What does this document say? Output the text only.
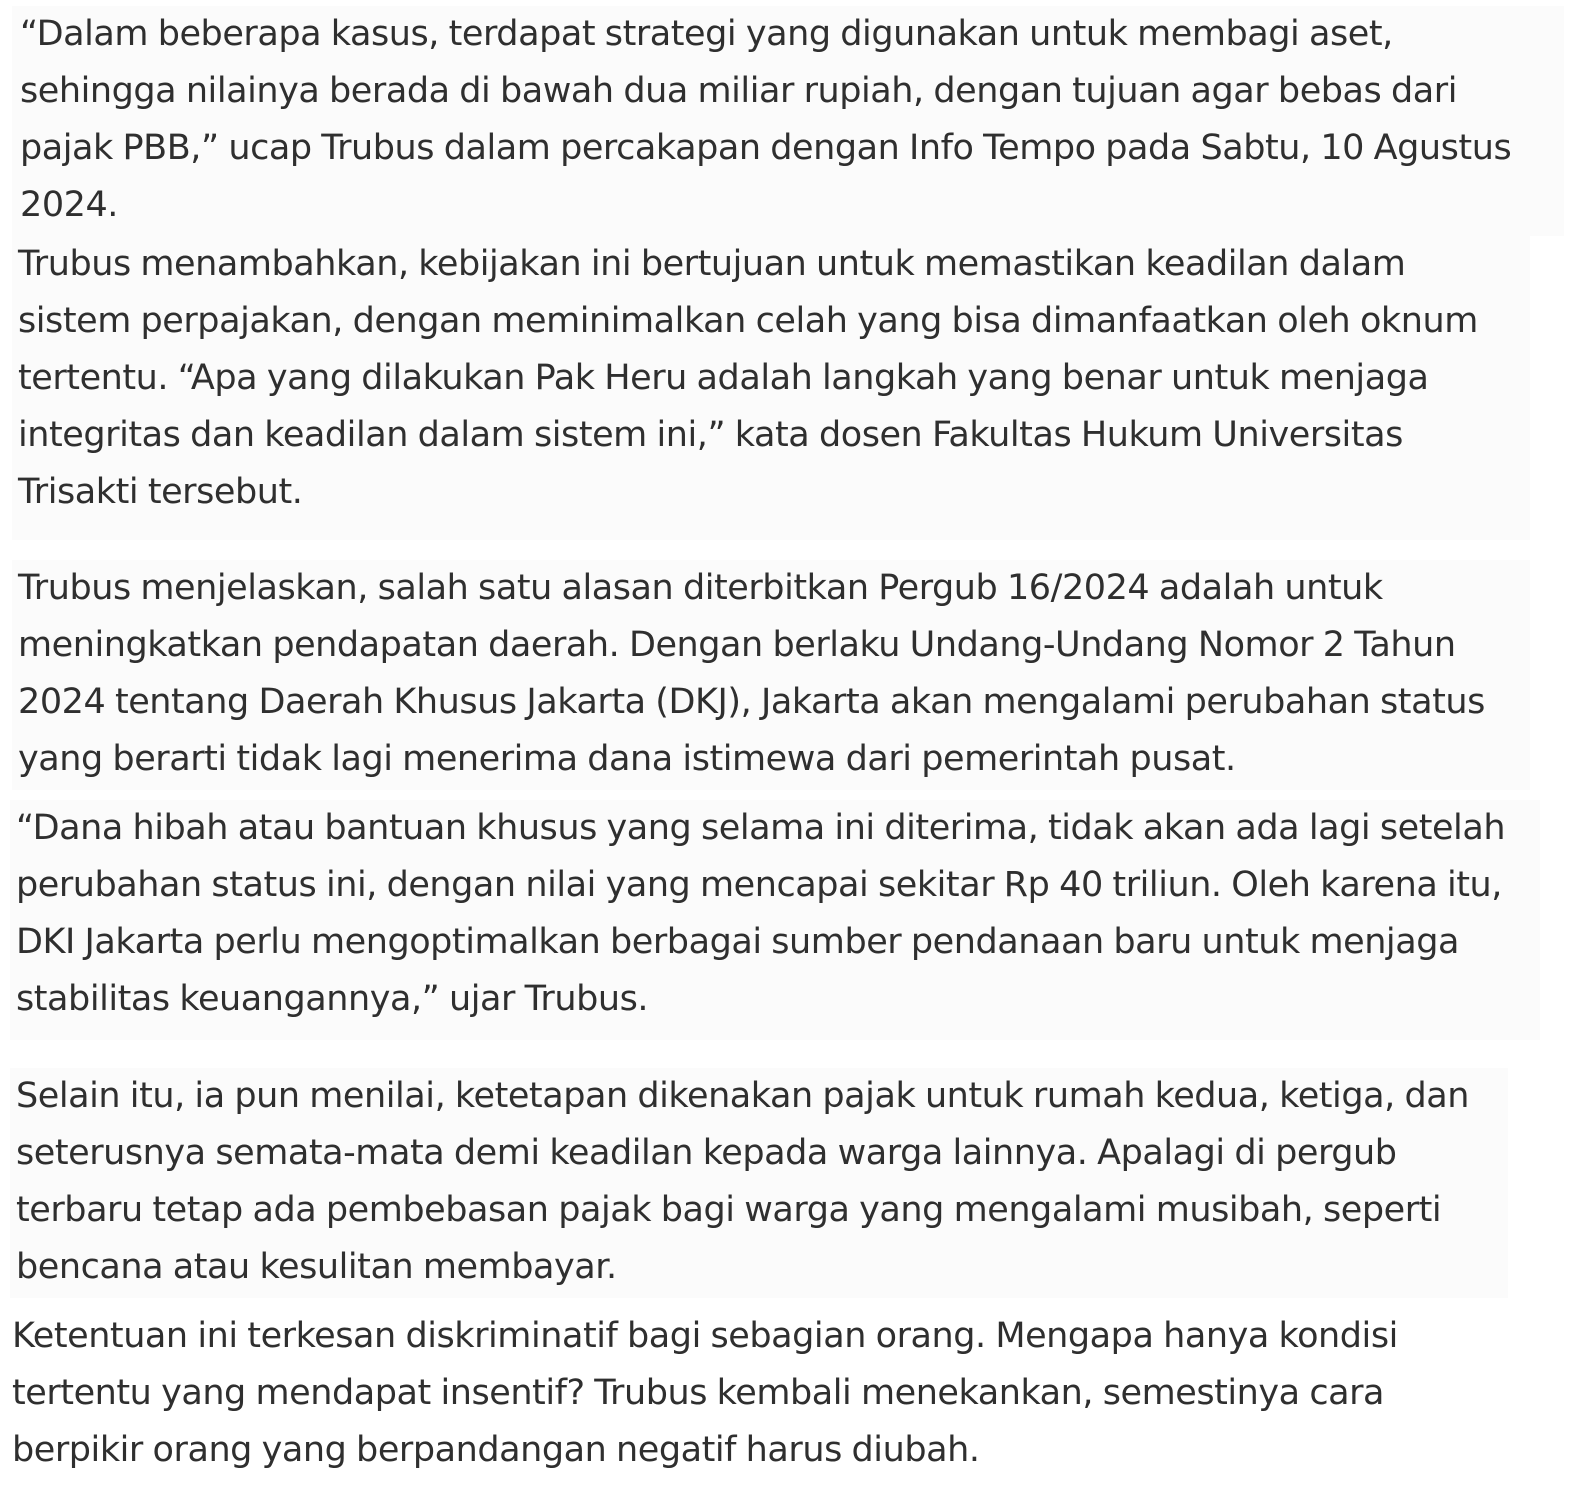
“Dalam beberapa kasus, terdapat strategi yang digunakan untuk membagi aset,
sehingga nilainya berada di bawah dua miliar rupiah, dengan tujuan agar bebas dari
pajak PBB,” ucap Trubus dalam percakapan dengan Info Tempo pada Sabtu, 10 Agustus
2024.

Trubus menambahkan, kebijakan ini bertujuan untuk memastikan keadilan dalam
sistem perpajakan, dengan meminimalkan celah yang bisa dimanfaatkan oleh oknum
tertentu. “Apa yang dilakukan Pak Heru adalah langkah yang benar untuk menjaga
integritas dan keadilan dalam sistem ini,” kata dosen Fakultas Hukum Universitas
Trisakti tersebut.

Trubus menjelaskan, salah satu alasan diterbitkan Pergub 16/2024 adalah untuk
meningkatkan pendapatan daerah. Dengan berlaku Undang-Undang Nomor 2 Tahun
2024 tentang Daerah Khusus Jakarta (DKJ), Jakarta akan mengalami perubahan status
yang berarti tidak lagi menerima dana istimewa dari pemerintah pusat.

“Dana hibah atau bantuan khusus yang selama ini diterima, tidak akan ada lagi setelah
perubahan status ini, dengan nilai yang mencapai sekitar Rp 40 triliun. Oleh karena itu,
DKI Jakarta perlu mengoptimalkan berbagai sumber pendanaan baru untuk menjaga
stabilitas keuangannya,” ujar Trubus.

Selain itu, ia pun menilai, ketetapan dikenakan pajak untuk rumah kedua, ketiga, dan
seterusnya semata-mata demi keadilan kepada warga lainnya. Apalagi di pergub
terbaru tetap ada pembebasan pajak bagi warga yang mengalami musibah, seperti
bencana atau kesulitan membayar.

Ketentuan ini terkesan diskriminatif bagi sebagian orang. Mengapa hanya kondisi
tertentu yang mendapat insentif? Trubus kembali menekankan, semestinya cara
berpikir orang yang berpandangan negatif harus diubah.
